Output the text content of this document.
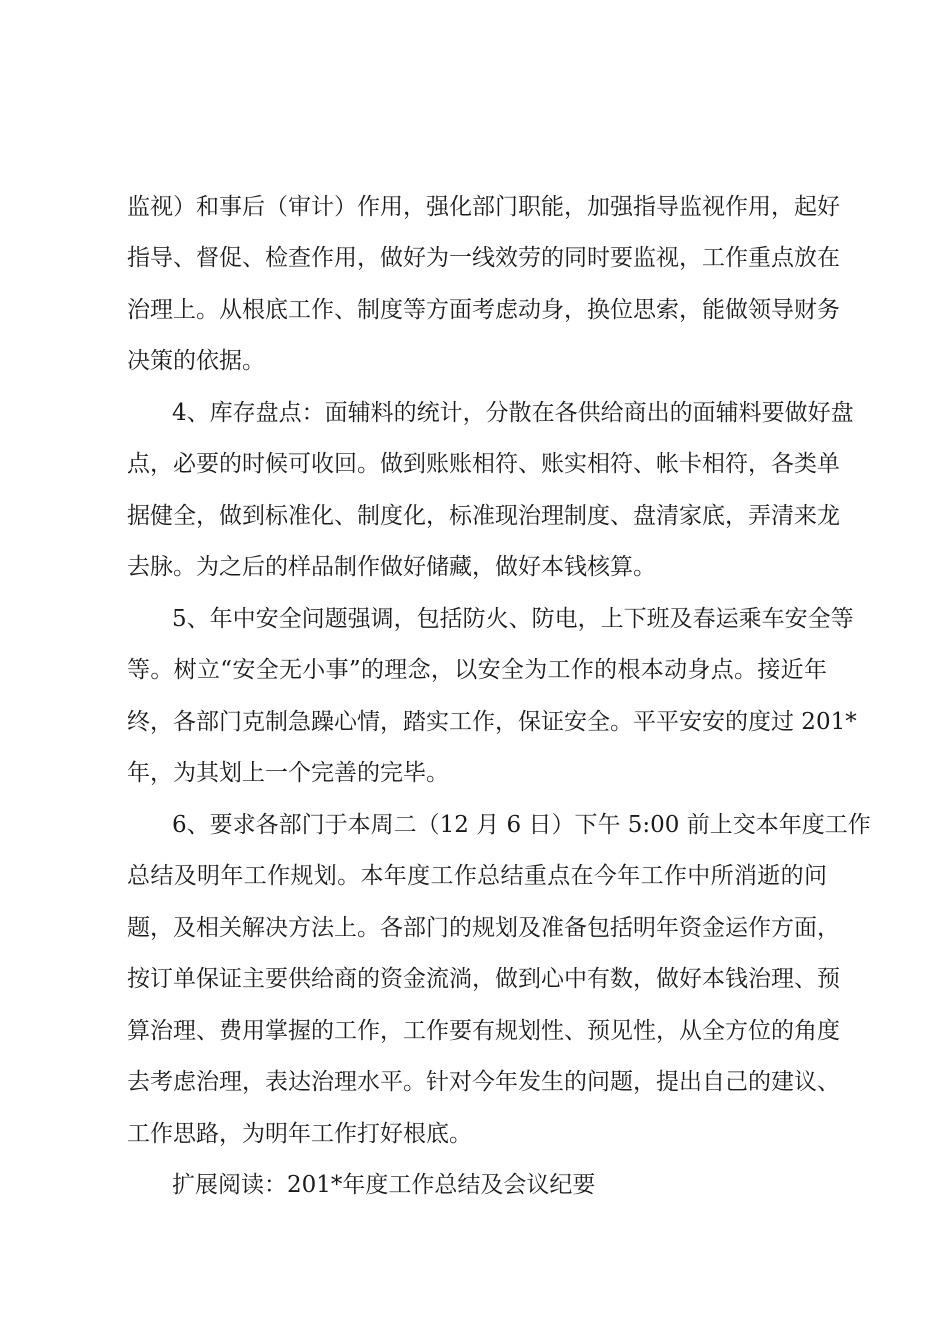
监视）和事后（审计）作用，强化部门职能，加强指导监视作用，起好
指导、督促、检查作用，做好为一线效劳的同时要监视，工作重点放在
治理上。从根底工作、制度等方面考虑动身，换位思索，能做领导财务
决策的依据。
4、库存盘点：面辅料的统计，分散在各供给商出的面辅料要做好盘
点，必要的时候可收回。做到账账相符、账实相符、帐卡相符，各类单
据健全，做到标准化、制度化，标准现治理制度、盘清家底，弄清来龙
去脉。为之后的样品制作做好储藏，做好本钱核算。
5、年中安全问题强调，包括防火、防电，上下班及春运乘车安全等
等。树立“安全无小事”的理念，以安全为工作的根本动身点。接近年
终，各部门克制急躁心情，踏实工作，保证安全。平平安安的度过 201*
年，为其划上一个完善的完毕。
6、要求各部门于本周二（12 月 6 日）下午 5:00 前上交本年度工作
总结及明年工作规划。本年度工作总结重点在今年工作中所消逝的问
题，及相关解决方法上。各部门的规划及准备包括明年资金运作方面，
按订单保证主要供给商的资金流淌，做到心中有数，做好本钱治理、预
算治理、费用掌握的工作，工作要有规划性、预见性，从全方位的角度
去考虑治理，表达治理水平。针对今年发生的问题，提出自己的建议、
工作思路，为明年工作打好根底。
扩展阅读：201*年度工作总结及会议纪要
